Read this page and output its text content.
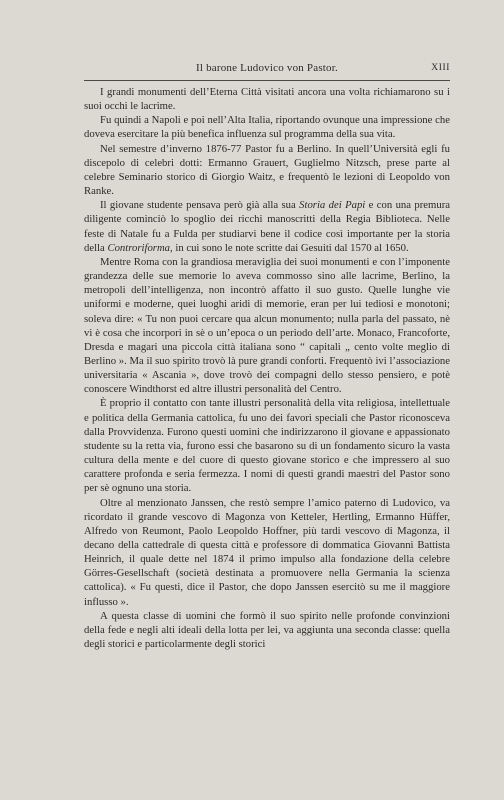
Il barone Ludovico von Pastor.	XIII

I grandi monumenti dell’Eterna Città visitati ancora una volta richiamarono su i suoi occhi le lacrime.

Fu quindi a Napoli e poi nell’Alta Italia, riportando ovunque una impressione che doveva esercitare la più benefica influenza sul programma della sua vita.

Nel semestre d’inverno 1876-77 Pastor fu a Berlino. In quell’Università egli fu discepolo di celebri dotti: Ermanno Grauert, Guglielmo Nitzsch, prese parte al celebre Seminario storico di Giorgio Waitz, e frequentò le lezioni di Leopoldo von Ranke.

Il giovane studente pensava però già alla sua Storia dei Papi e con una premura diligente cominciò lo spoglio dei ricchi manoscritti della Regia Biblioteca. Nelle feste di Natale fu a Fulda per studiarvi bene il codice così importante per la storia della Controriforma, in cui sono le note scritte dai Gesuiti dal 1570 al 1650.

Mentre Roma con la grandiosa meraviglia dei suoi monumenti e con l’imponente grandezza delle sue memorie lo aveva commosso sino alle lacrime, Berlino, la metropoli dell’intelligenza, non incontrò affatto il suo gusto. Quelle lunghe vie uniformi e moderne, quei luoghi aridi di memorie, eran per lui tediosi e monotoni; soleva dire: « Tu non puoi cercare qua alcun monumento; nulla parla del passato, nè vi è cosa che incorpori in sè o un’epoca o un periodo dell’arte. Monaco, Francoforte, Dresda e magari una piccola città italiana sono “ capitali „ cento volte meglio di Berlino ». Ma il suo spirito trovò là pure grandi conforti. Frequentò ivi l’associazione universitaria « Ascania », dove trovò dei compagni dello stesso pensiero, e potè conoscere Windthorst ed altre illustri personalità del Centro.

È proprio il contatto con tante illustri personalità della vita religiosa, intellettuale e politica della Germania cattolica, fu uno dei favori speciali che Pastor riconosceva dalla Provvidenza. Furono questi uomini che indirizzarono il giovane e appassionato studente su la retta via, furono essi che basarono su di un fondamento sicuro la vasta cultura della mente e del cuore di questo giovane storico e che impressero al suo carattere profonda e seria fermezza. I nomi di questi grandi maestri del Pastor sono per sè ognuno una storia.

Oltre al menzionato Janssen, che restò sempre l’amico paterno di Ludovico, va ricordato il grande vescovo di Magonza von Ketteler, Hertling, Ermanno Hüffer, Alfredo von Reumont, Paolo Leopoldo Hoffner, più tardi vescovo di Magonza, il decano della cattedrale di questa città e professore di dommatica Giovanni Battista Heinrich, il quale dette nel 1874 il primo impulso alla fondazione della celebre Görres-Gesellschaft (società destinata a promuovere nella Germania la scienza cattolica). « Fu questi, dice il Pastor, che dopo Janssen esercitò su me il maggiore influsso ».

A questa classe di uomini che formò il suo spirito nelle profonde convinzioni della fede e negli alti ideali della lotta per lei, va aggiunta una seconda classe: quella degli storici e particolarmente degli storici
